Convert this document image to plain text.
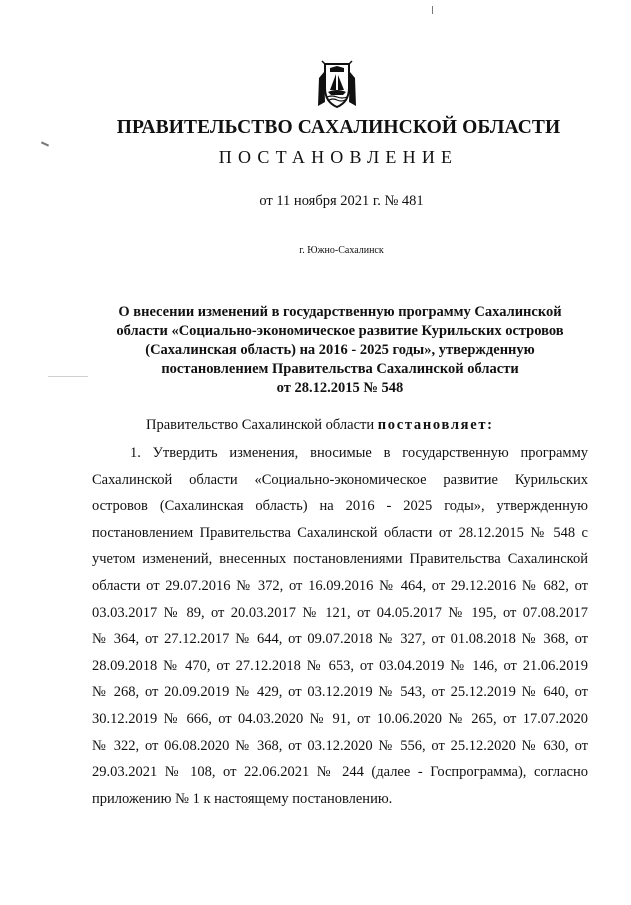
ПРАВИТЕЛЬСТВО САХАЛИНСКОЙ ОБЛАСТИ
ПОСТАНОВЛЕНИЕ
от 11 ноября 2021 г. № 481
г. Южно-Сахалинск
О внесении изменений в государственную программу Сахалинской
области «Социально-экономическое развитие Курильских островов
(Сахалинская область) на 2016 - 2025 годы», утвержденную
постановлением Правительства Сахалинской области
от 28.12.2015 № 548
Правительство Сахалинской области постановляет:
1. Утвердить изменения, вносимые в государственную программу
Сахалинской области «Социально-экономическое развитие Курильских
островов (Сахалинская область) на 2016 - 2025 годы», утвержденную
постановлением Правительства Сахалинской области от 28.12.2015 № 548 с
учетом изменений, внесенных постановлениями Правительства Сахалинской
области от 29.07.2016 № 372, от 16.09.2016 № 464, от 29.12.2016 № 682, от
03.03.2017 № 89, от 20.03.2017 № 121, от 04.05.2017 № 195, от 07.08.2017
№ 364, от 27.12.2017 № 644, от 09.07.2018 № 327, от 01.08.2018 № 368, от
28.09.2018 № 470, от 27.12.2018 № 653, от 03.04.2019 № 146, от 21.06.2019
№ 268, от 20.09.2019 № 429, от 03.12.2019 № 543, от 25.12.2019 № 640, от
30.12.2019 № 666, от 04.03.2020 № 91, от 10.06.2020 № 265, от 17.07.2020
№ 322, от 06.08.2020 № 368, от 03.12.2020 № 556, от 25.12.2020 № 630, от
29.03.2021 № 108, от 22.06.2021 № 244 (далее - Госпрограмма), согласно
приложению № 1 к настоящему постановлению.
